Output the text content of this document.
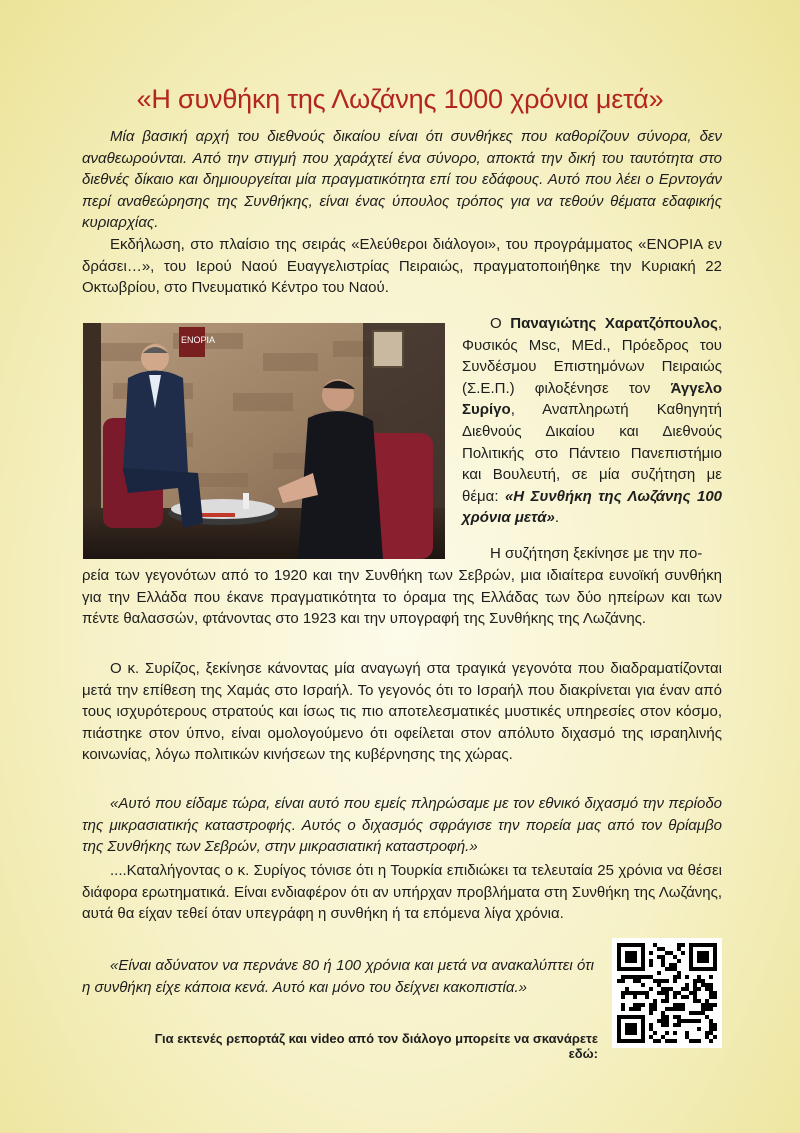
«Η συνθήκη της Λωζάνης 1000 χρόνια μετά»

Μία βασική αρχή του διεθνούς δικαίου είναι ότι συνθήκες που καθορίζουν σύνορα, δεν αναθεωρούνται. Από την στιγμή που χαράχτεί ένα σύνορο, αποκτά την δική του ταυτότητα στο διεθνές δίκαιο και δημιουργείται μία πραγματικότητα επί του εδάφους. Αυτό που λέει ο Ερντογάν περί αναθεώρησης της Συνθήκης, είναι ένας ύπουλος τρόπος για να τεθούν θέματα εδαφικής κυριαρχίας.

Εκδήλωση, στο πλαίσιο της σειράς «Ελεύθεροι διάλογοι», του προγράμματος «ΕΝΟΡΙΑ εν δράσει…», του Ιερού Ναού Ευαγγελιστρίας Πειραιώς, πραγματοποιήθηκε την Κυριακή 22 Οκτωβρίου, στο Πνευματικό Κέντρο του Ναού.

ΕΝΟΡΙΑ

Ο Παναγιώτης Χαρατζόπουλος, Φυσικός Msc, MEd., Πρόεδρος του Συνδέσμου Επιστημόνων Πειραιώς (Σ.Ε.Π.) φιλοξένησε τον Άγγελο Συρίγο, Αναπληρωτή Καθηγητή Διεθνούς Δικαίου και Διεθνούς Πολιτικής στο Πάντειο Πανεπιστήμιο και Βουλευτή, σε μία συζήτηση με θέμα: «Η Συνθήκη της Λωζάνης 100 χρόνια μετά».

Η συζήτηση ξεκίνησε με την πο-

ρεία των γεγονότων από το 1920 και την Συνθήκη των Σεβρών, μια ιδιαίτερα ευνοϊκή συνθήκη για την Ελλάδα που έκανε πραγματικότητα το όραμα της Ελλάδας των δύο ηπείρων και των πέντε θαλασσών, φτάνοντας στο 1923 και την υπογραφή της Συνθήκης της Λωζάνης.

Ο κ. Συρίζος, ξεκίνησε κάνοντας μία αναγωγή στα τραγικά γεγονότα που διαδραματίζονται μετά την επίθεση της Χαμάς στο Ισραήλ. Το γεγονός ότι το Ισραήλ που διακρίνεται για έναν από τους ισχυρότερους στρατούς και ίσως τις πιο αποτελεσματικές μυστικές υπηρεσίες στον κόσμο, πιάστηκε στον ύπνο, είναι ομολογούμενο ότι οφείλεται στον απόλυτο διχασμό της ισραηλινής κοινωνίας, λόγω πολιτικών κινήσεων της κυβέρνησης της χώρας.

«Αυτό που είδαμε τώρα, είναι αυτό που εμείς πληρώσαμε με τον εθνικό διχασμό την περίοδο της μικρασιατικής καταστροφής. Αυτός ο διχασμός σφράγισε την πορεία μας από τον θρίαμβο της Συνθήκης των Σεβρών, στην μικρασιατική καταστροφή.»

....Καταλήγοντας ο κ. Συρίγος τόνισε ότι η Τουρκία επιδιώκει τα τελευταία 25 χρόνια να θέσει διάφορα ερωτηματικά. Είναι ενδιαφέρον ότι αν υπήρχαν προβλήματα στη Συνθήκη της Λωζάνης, αυτά θα είχαν τεθεί όταν υπεγράφη η συνθήκη ή τα επόμενα λίγα χρόνια.

«Είναι αδύνατον να περνάνε 80 ή 100 χρόνια και μετά να ανακαλύπτει ότι η συνθήκη είχε κάποια κενά. Αυτό και μόνο του δείχνει κακοπιστία.»

Για εκτενές ρεπορτάζ και video από τον διάλογο μπορείτε να σκανάρετε εδώ:
